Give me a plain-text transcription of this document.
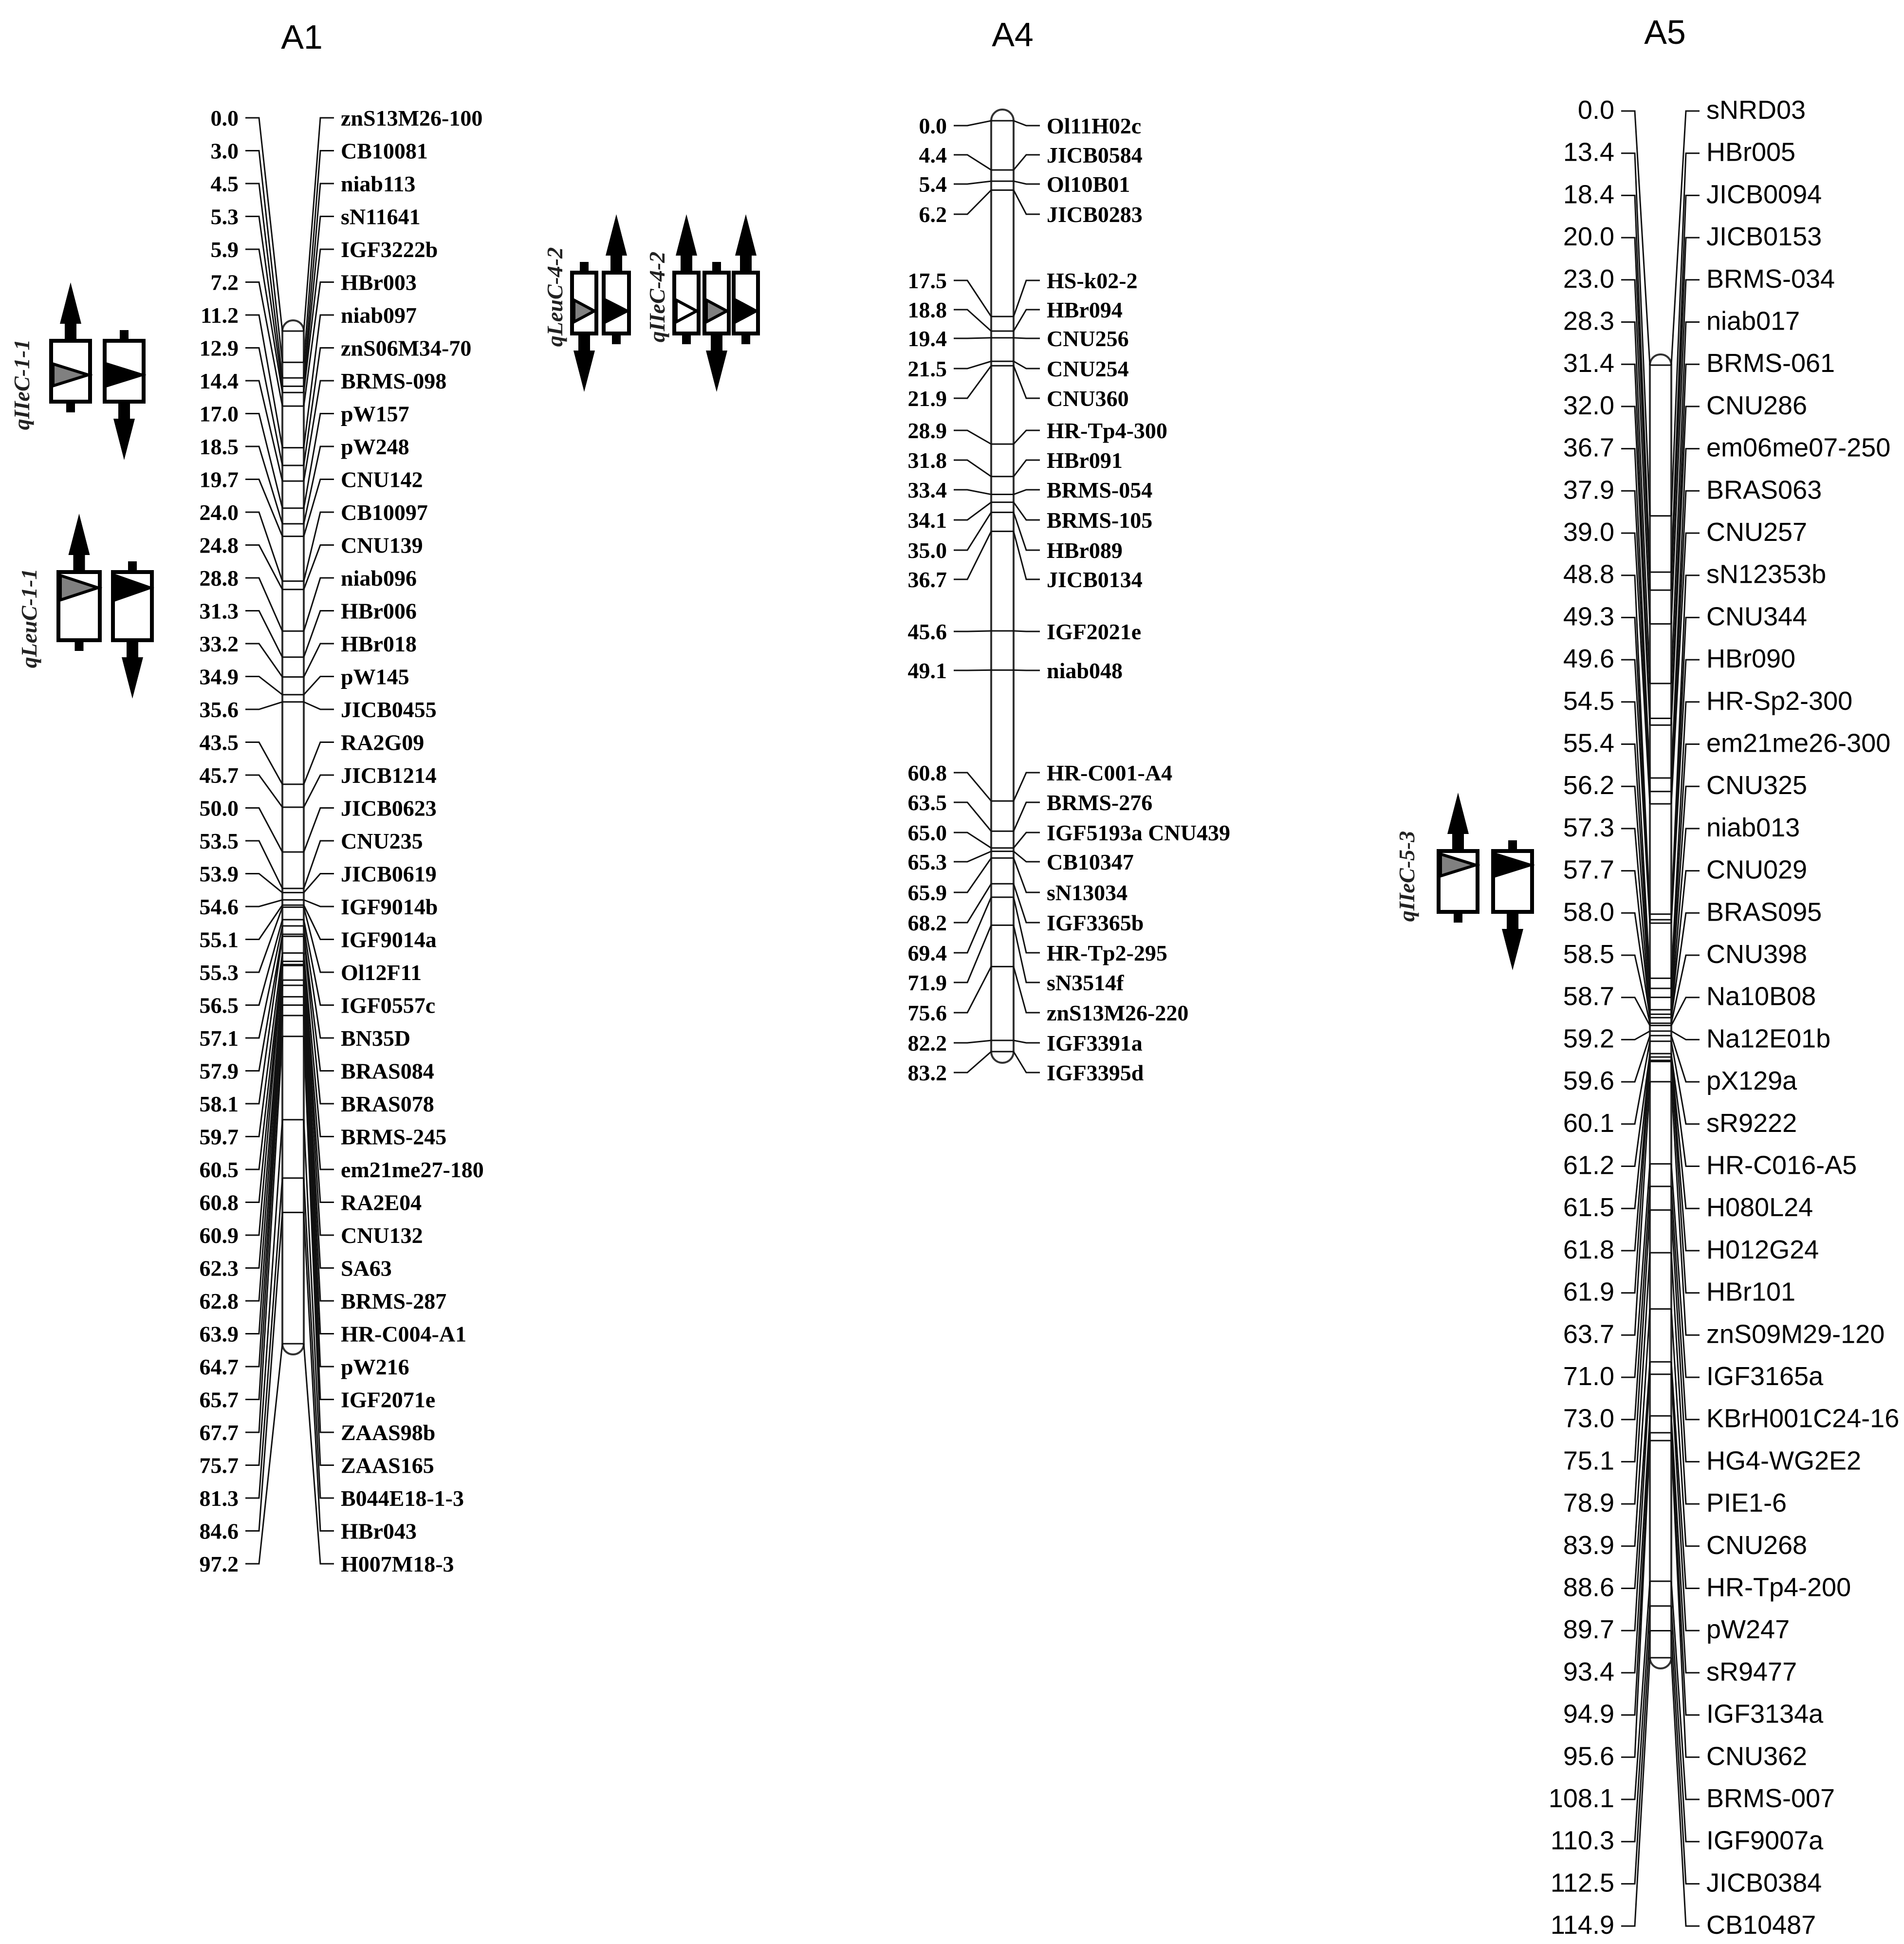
A1
0.0	znS13M26-100
3.0	CB10081
4.5	niab113
5.3	sN11641
5.9	IGF3222b
7.2	HBr003
11.2	niab097
12.9	znS06M34-70
14.4	BRMS-098
17.0	pW157
18.5	pW248
19.7	CNU142
24.0	CB10097
24.8	CNU139
28.8	niab096
31.3	HBr006
33.2	HBr018
34.9	pW145
35.6	JICB0455
43.5	RA2G09
45.7	JICB1214
50.0	JICB0623
53.5	CNU235
53.9	JICB0619
54.6	IGF9014b
55.1	IGF9014a
55.3	Ol12F11
56.5	IGF0557c
57.1	BN35D
57.9	BRAS084
58.1	BRAS078
59.7	BRMS-245
60.5	em21me27-180
60.8	RA2E04
60.9	CNU132
62.3	SA63
62.8	BRMS-287
63.9	HR-C004-A1
64.7	pW216
65.7	IGF2071e
67.7	ZAAS98b
75.7	ZAAS165
81.3	B044E18-1-3
84.6	HBr043
97.2	H007M18-3
A4
0.0	Ol11H02c
4.4	JICB0584
5.4	Ol10B01
6.2	JICB0283
17.5	HS-k02-2
18.8	HBr094
19.4	CNU256
21.5	CNU254
21.9	CNU360
28.9	HR-Tp4-300
31.8	HBr091
33.4	BRMS-054
34.1	BRMS-105
35.0	HBr089
36.7	JICB0134
45.6	IGF2021e
49.1	niab048
60.8	HR-C001-A4
63.5	BRMS-276
65.0	IGF5193a CNU439
65.3	CB10347
65.9	sN13034
68.2	IGF3365b
69.4	HR-Tp2-295
71.9	sN3514f
75.6	znS13M26-220
82.2	IGF3391a
83.2	IGF3395d
A5
0.0	sNRD03
13.4	HBr005
18.4	JICB0094
20.0	JICB0153
23.0	BRMS-034
28.3	niab017
31.4	BRMS-061
32.0	CNU286
36.7	em06me07-250
37.9	BRAS063
39.0	CNU257
48.8	sN12353b
49.3	CNU344
49.6	HBr090
54.5	HR-Sp2-300
55.4	em21me26-300
56.2	CNU325
57.3	niab013
57.7	CNU029
58.0	BRAS095
58.5	CNU398
58.7	Na10B08
59.2	Na12E01b
59.6	pX129a
60.1	sR9222
61.2	HR-C016-A5
61.5	H080L24
61.8	H012G24
61.9	HBr101
63.7	znS09M29-120
71.0	IGF3165a
73.0	KBrH001C24-16
75.1	HG4-WG2E2
78.9	PIE1-6
83.9	CNU268
88.6	HR-Tp4-200
89.7	pW247
93.4	sR9477
94.9	IGF3134a
95.6	CNU362
108.1	BRMS-007
110.3	IGF9007a
112.5	JICB0384
114.9	CB10487
qIIeC-1-1
qLeuC-1-1
qLeuC-4-2	qIIeC-4-2
qIIeC-5-3
